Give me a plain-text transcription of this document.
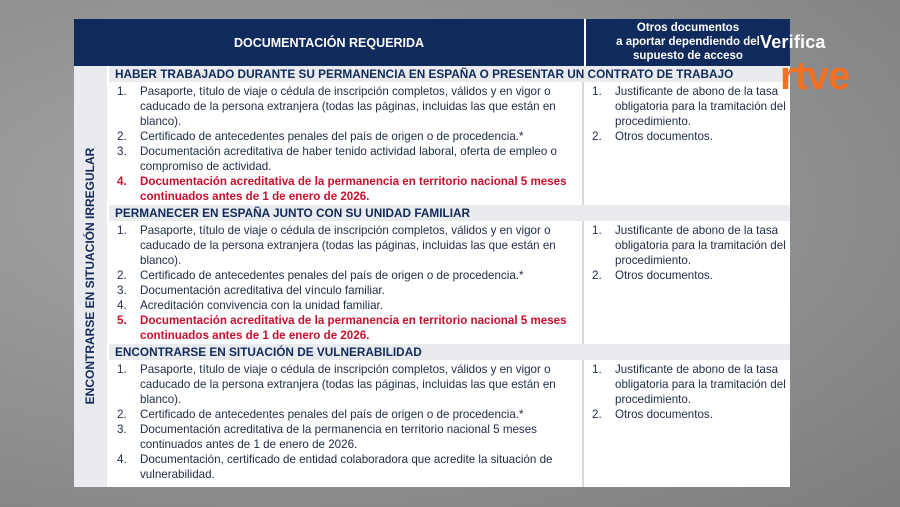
DOCUMENTACIÓN REQUERIDA
Otros documentos
a aportar dependiendo del
supuesto de acceso
ENCONTRARSE EN SITUACIÓN IRREGULAR
HABER TRABAJADO DURANTE SU PERMANENCIA EN ESPAÑA O PRESENTAR UN CONTRATO DE TRABAJO
1. Pasaporte, título de viaje o cédula de inscripción completos, válidos y en vigor o caducado de la persona extranjera (todas las páginas, incluidas las que están en blanco).
2. Certificado de antecedentes penales del país de origen o de procedencia.*
3. Documentación acreditativa de haber tenido actividad laboral, oferta de empleo o compromiso de actividad.
4. Documentación acreditativa de la permanencia en territorio nacional 5 meses continuados antes de 1 de enero de 2026.
1. Justificante de abono de la tasa obligatoria para la tramitación del procedimiento.
2. Otros documentos.
PERMANECER EN ESPAÑA JUNTO CON SU UNIDAD FAMILIAR
1. Pasaporte, título de viaje o cédula de inscripción completos, válidos y en vigor o caducado de la persona extranjera (todas las páginas, incluidas las que están en blanco).
2. Certificado de antecedentes penales del país de origen o de procedencia.*
3. Documentación acreditativa del vínculo familiar.
4. Acreditación convivencia con la unidad familiar.
5. Documentación acreditativa de la permanencia en territorio nacional 5 meses continuados antes de 1 de enero de 2026.
1. Justificante de abono de la tasa obligatoria para la tramitación del procedimiento.
2. Otros documentos.
ENCONTRARSE EN SITUACIÓN DE VULNERABILIDAD
1. Pasaporte, título de viaje o cédula de inscripción completos, válidos y en vigor o caducado de la persona extranjera (todas las páginas, incluidas las que están en blanco).
2. Certificado de antecedentes penales del país de origen o de procedencia.*
3. Documentación acreditativa de la permanencia en territorio nacional 5 meses continuados antes de 1 de enero de 2026.
4. Documentación, certificado de entidad colaboradora que acredite la situación de vulnerabilidad.
1. Justificante de abono de la tasa obligatoria para la tramitación del procedimiento.
2. Otros documentos.
Verifica
rtve
